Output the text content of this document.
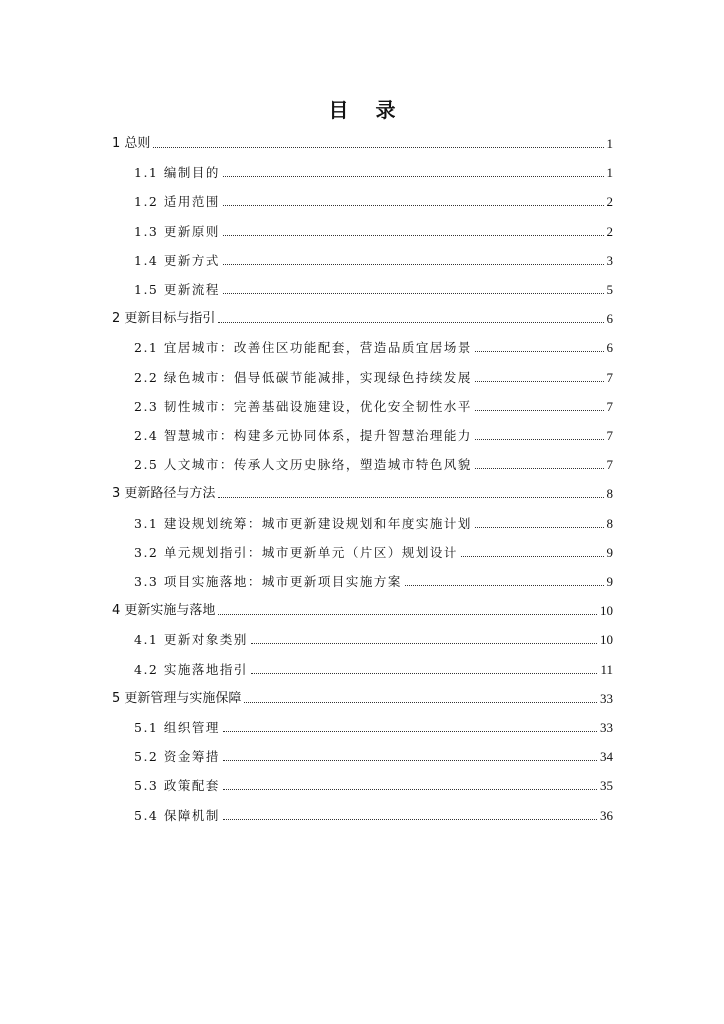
目 录
1 总则	1
1.1 编制目的	1
1.2 适用范围	2
1.3 更新原则	2
1.4 更新方式	3
1.5 更新流程	5
2 更新目标与指引	6
2.1 宜居城市：改善住区功能配套，营造品质宜居场景	6
2.2 绿色城市：倡导低碳节能减排，实现绿色持续发展	7
2.3 韧性城市：完善基础设施建设，优化安全韧性水平	7
2.4 智慧城市：构建多元协同体系，提升智慧治理能力	7
2.5 人文城市：传承人文历史脉络，塑造城市特色风貌	7
3 更新路径与方法	8
3.1 建设规划统筹：城市更新建设规划和年度实施计划	8
3.2 单元规划指引：城市更新单元（片区）规划设计	9
3.3 项目实施落地：城市更新项目实施方案	9
4 更新实施与落地	10
4.1 更新对象类别	10
4.2 实施落地指引	11
5 更新管理与实施保障	33
5.1 组织管理	33
5.2 资金筹措	34
5.3 政策配套	35
5.4 保障机制	36
